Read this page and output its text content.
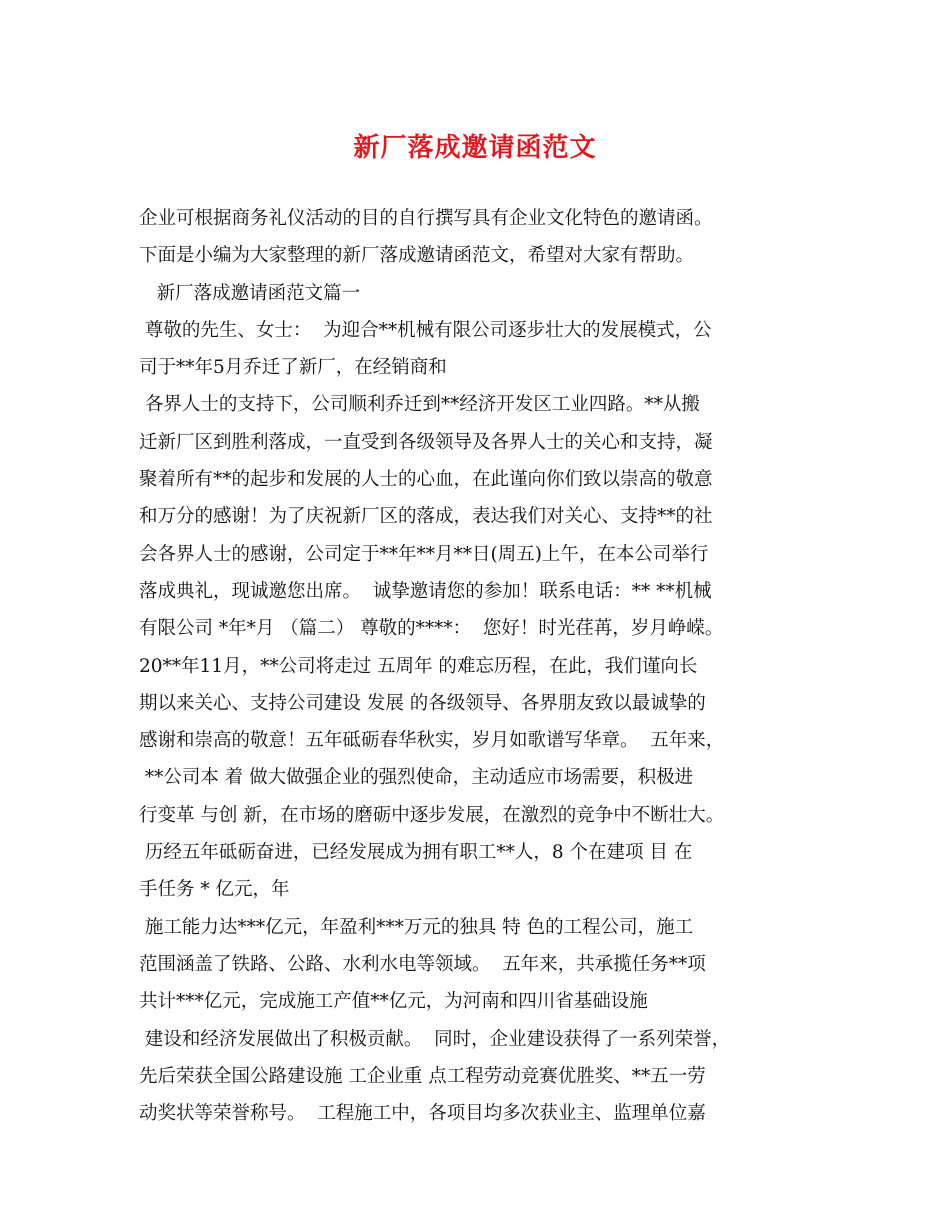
新厂落成邀请函范文
企业可根据商务礼仪活动的目的自行撰写具有企业文化特色的邀请函。
下面是小编为大家整理的新厂落成邀请函范文，希望对大家有帮助。
新厂落成邀请函范文篇一
尊敬的先生、女士：  为迎合**机械有限公司逐步壮大的发展模式，公
司于**年5月乔迁了新厂，在经销商和
各界人士的支持下，公司顺利乔迁到**经济开发区工业四路。**从搬
迁新厂区到胜利落成，一直受到各级领导及各界人士的关心和支持，凝
聚着所有**的起步和发展的人士的心血，在此谨向你们致以崇高的敬意
和万分的感谢！为了庆祝新厂区的落成，表达我们对关心、支持**的社
会各界人士的感谢，公司定于**年**月**日(周五)上午，在本公司举行
落成典礼，现诚邀您出席。  诚挚邀请您的参加！联系电话：** **机械
有限公司 *年*月 （篇二） 尊敬的****：  您好！时光荏苒，岁月峥嵘。
20**年11月，**公司将走过 五周年 的难忘历程，在此，我们谨向长
期以来关心、支持公司建设 发展 的各级领导、各界朋友致以最诚挚的
感谢和崇高的敬意！五年砥砺春华秋实，岁月如歌谱写华章。  五年来，
**公司本 着 做大做强企业的强烈使命，主动适应市场需要，积极进
行变革 与创 新，在市场的磨砺中逐步发展，在激烈的竞争中不断壮大。
历经五年砥砺奋进，已经发展成为拥有职工**人，8 个在建项 目 在
手任务 * 亿元，年
施工能力达***亿元，年盈利***万元的独具 特 色的工程公司，施工
范围涵盖了铁路、公路、水利水电等领域。  五年来，共承揽任务**项
共计***亿元，完成施工产值**亿元，为河南和四川省基础设施
建设和经济发展做出了积极贡献。  同时，企业建设获得了一系列荣誉，
先后荣获全国公路建设施 工企业重 点工程劳动竞赛优胜奖、**五一劳
动奖状等荣誉称号。  工程施工中，各项目均多次获业主、监理单位嘉
